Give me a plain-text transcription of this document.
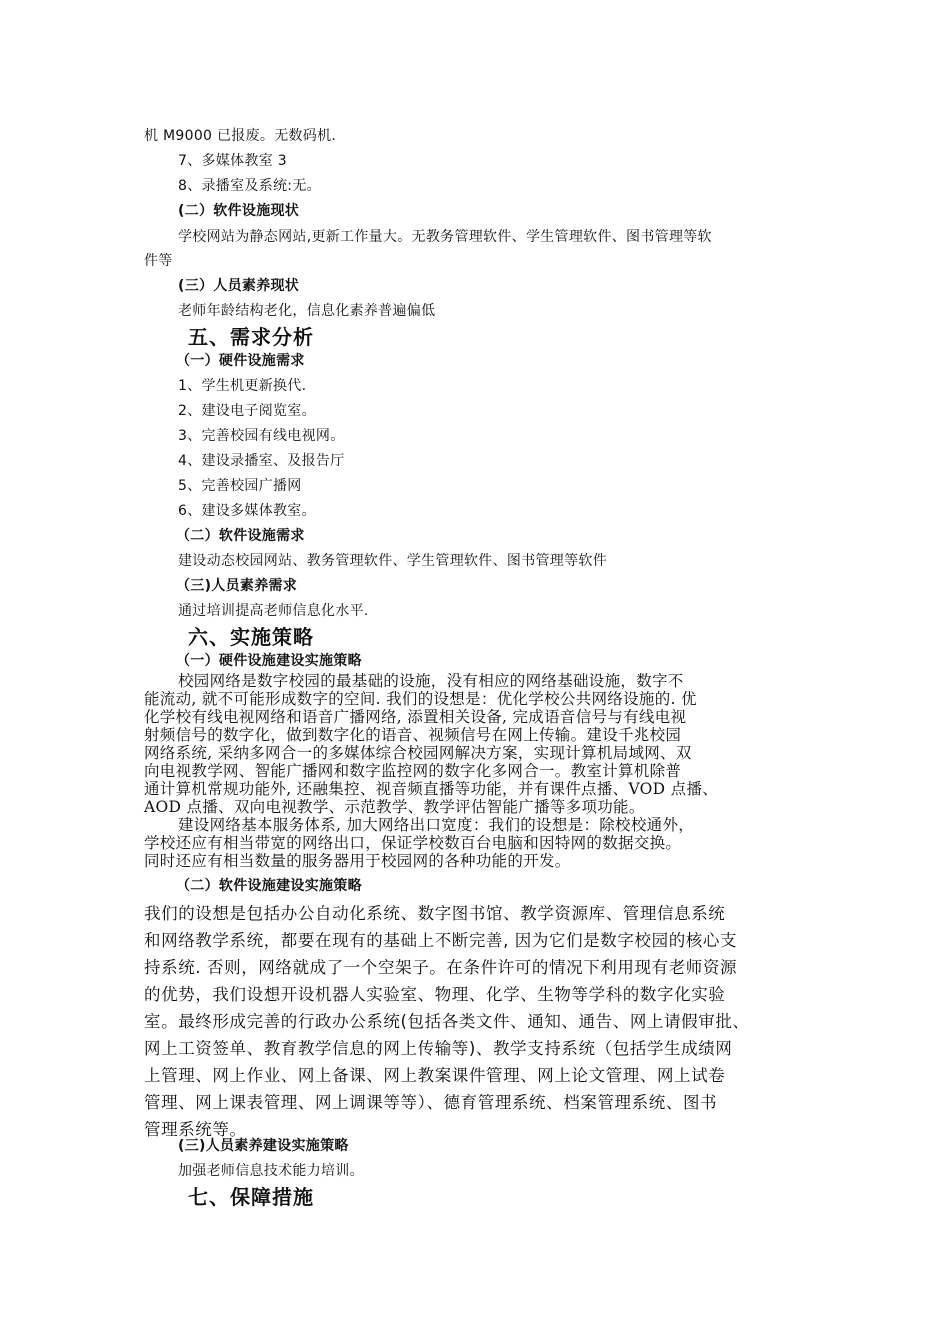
机 M9000 已报废。无数码机.
7、多媒体教室 3
8、录播室及系统:无。
(二）软件设施现状
学校网站为静态网站,更新工作量大。无教务管理软件、学生管理软件、图书管理等软
件等
(三）人员素养现状
老师年龄结构老化，信息化素养普遍偏低
五、需求分析
（一）硬件设施需求
1、学生机更新换代.
2、建设电子阅览室。
3、完善校园有线电视网。
4、建设录播室、及报告厅
5、完善校园广播网
6、建设多媒体教室。
（二）软件设施需求
建设动态校园网站、教务管理软件、学生管理软件、图书管理等软件
（三)人员素养需求
通过培训提高老师信息化水平.
六、实施策略
（一）硬件设施建设实施策略
校园网络是数字校园的最基础的设施，没有相应的网络基础设施，数字不
能流动, 就不可能形成数字的空间. 我们的设想是：优化学校公共网络设施的. 优
化学校有线电视网络和语音广播网络, 添置相关设备, 完成语音信号与有线电视
射频信号的数字化，做到数字化的语音、视频信号在网上传输。建设千兆校园
网络系统, 采纳多网合一的多媒体综合校园网解决方案，实现计算机局域网、双
向电视教学网、智能广播网和数字监控网的数字化多网合一。教室计算机除普
通计算机常规功能外, 还融集控、视音频直播等功能，并有课件点播、VOD 点播、
AOD 点播、双向电视教学、示范教学、教学评估智能广播等多项功能。
建设网络基本服务体系, 加大网络出口宽度：我们的设想是：除校校通外，
学校还应有相当带宽的网络出口，保证学校数百台电脑和因特网的数据交换。
同时还应有相当数量的服务器用于校园网的各种功能的开发。
（二）软件设施建设实施策略
我们的设想是包括办公自动化系统、数字图书馆、教学资源库、管理信息系统
和网络教学系统，都要在现有的基础上不断完善, 因为它们是数字校园的核心支
持系统. 否则，网络就成了一个空架子。在条件许可的情况下利用现有老师资源
的优势，我们设想开设机器人实验室、物理、化学、生物等学科的数字化实验
室。最终形成完善的行政办公系统(包括各类文件、通知、通告、网上请假审批、
网上工资签单、教育教学信息的网上传输等)、教学支持系统（包括学生成绩网
上管理、网上作业、网上备课、网上教案课件管理、网上论文管理、网上试卷
管理、网上课表管理、网上调课等等）、德育管理系统、档案管理系统、图书
管理系统等。
(三)人员素养建设实施策略
加强老师信息技术能力培训。
七、保障措施
